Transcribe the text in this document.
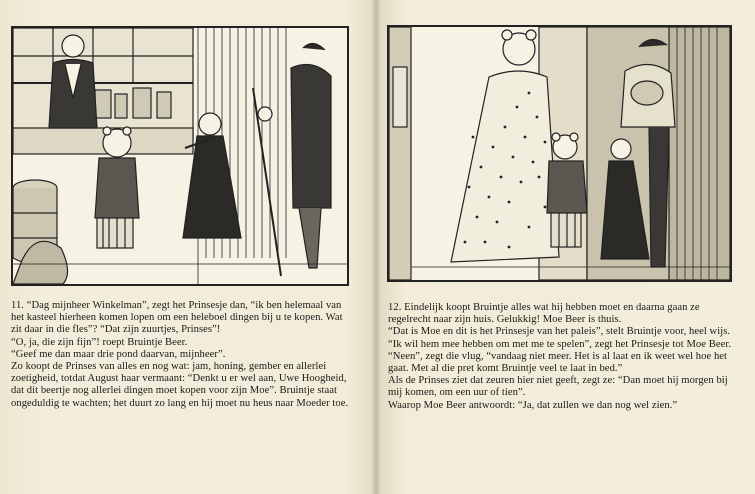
11. “Dag mijnheer Winkelman”, zegt het Prinsesje dan, “ik ben helemaal van het kasteel hierheen komen lopen om een heleboel dingen bij u te kopen. Wat zit daar in die fles”? “Dat zijn zuurtjes, Prinses”!

“O, ja, die zijn fijn”! roept Bruintje Beer.

“Geef me dan maar drie pond daarvan, mijnheer”.

Zo koopt de Prinses van alles en nog wat: jam, honing, gember en allerlei zoetigheid, totdat August haar vermaant: “Denkt u er wel aan, Uwe Hoogheid, dat dit beertje nog allerlei dingen moet kopen voor zijn Moe”. Bruintje staat ongeduldig te wachten; het duurt zo lang en hij moet nu heus naar Moeder toe.

12. Eindelijk koopt Bruintje alles wat hij hebben moet en daarna gaan ze regelrecht naar zijn huis. Gelukkig! Moe Beer is thuis.

“Dat is Moe en dit is het Prinsesje van het paleis”, stelt Bruintje voor, heel wijs.

“Ik wil hem mee hebben om met me te spelen”, zegt het Prinsesje tot Moe Beer.

“Neen”, zegt die vlug, “vandaag niet meer. Het is al laat en ik weet wel hoe het gaat. Met al die pret komt Bruintje veel te laat in bed.”

Als de Prinses ziet dat zeuren hier niet geeft, zegt ze: “Dan moet hij morgen bij mij komen, om een uur of tien”.

Waarop Moe Beer antwoordt: “Ja, dat zullen we dan nog wel zien.”
